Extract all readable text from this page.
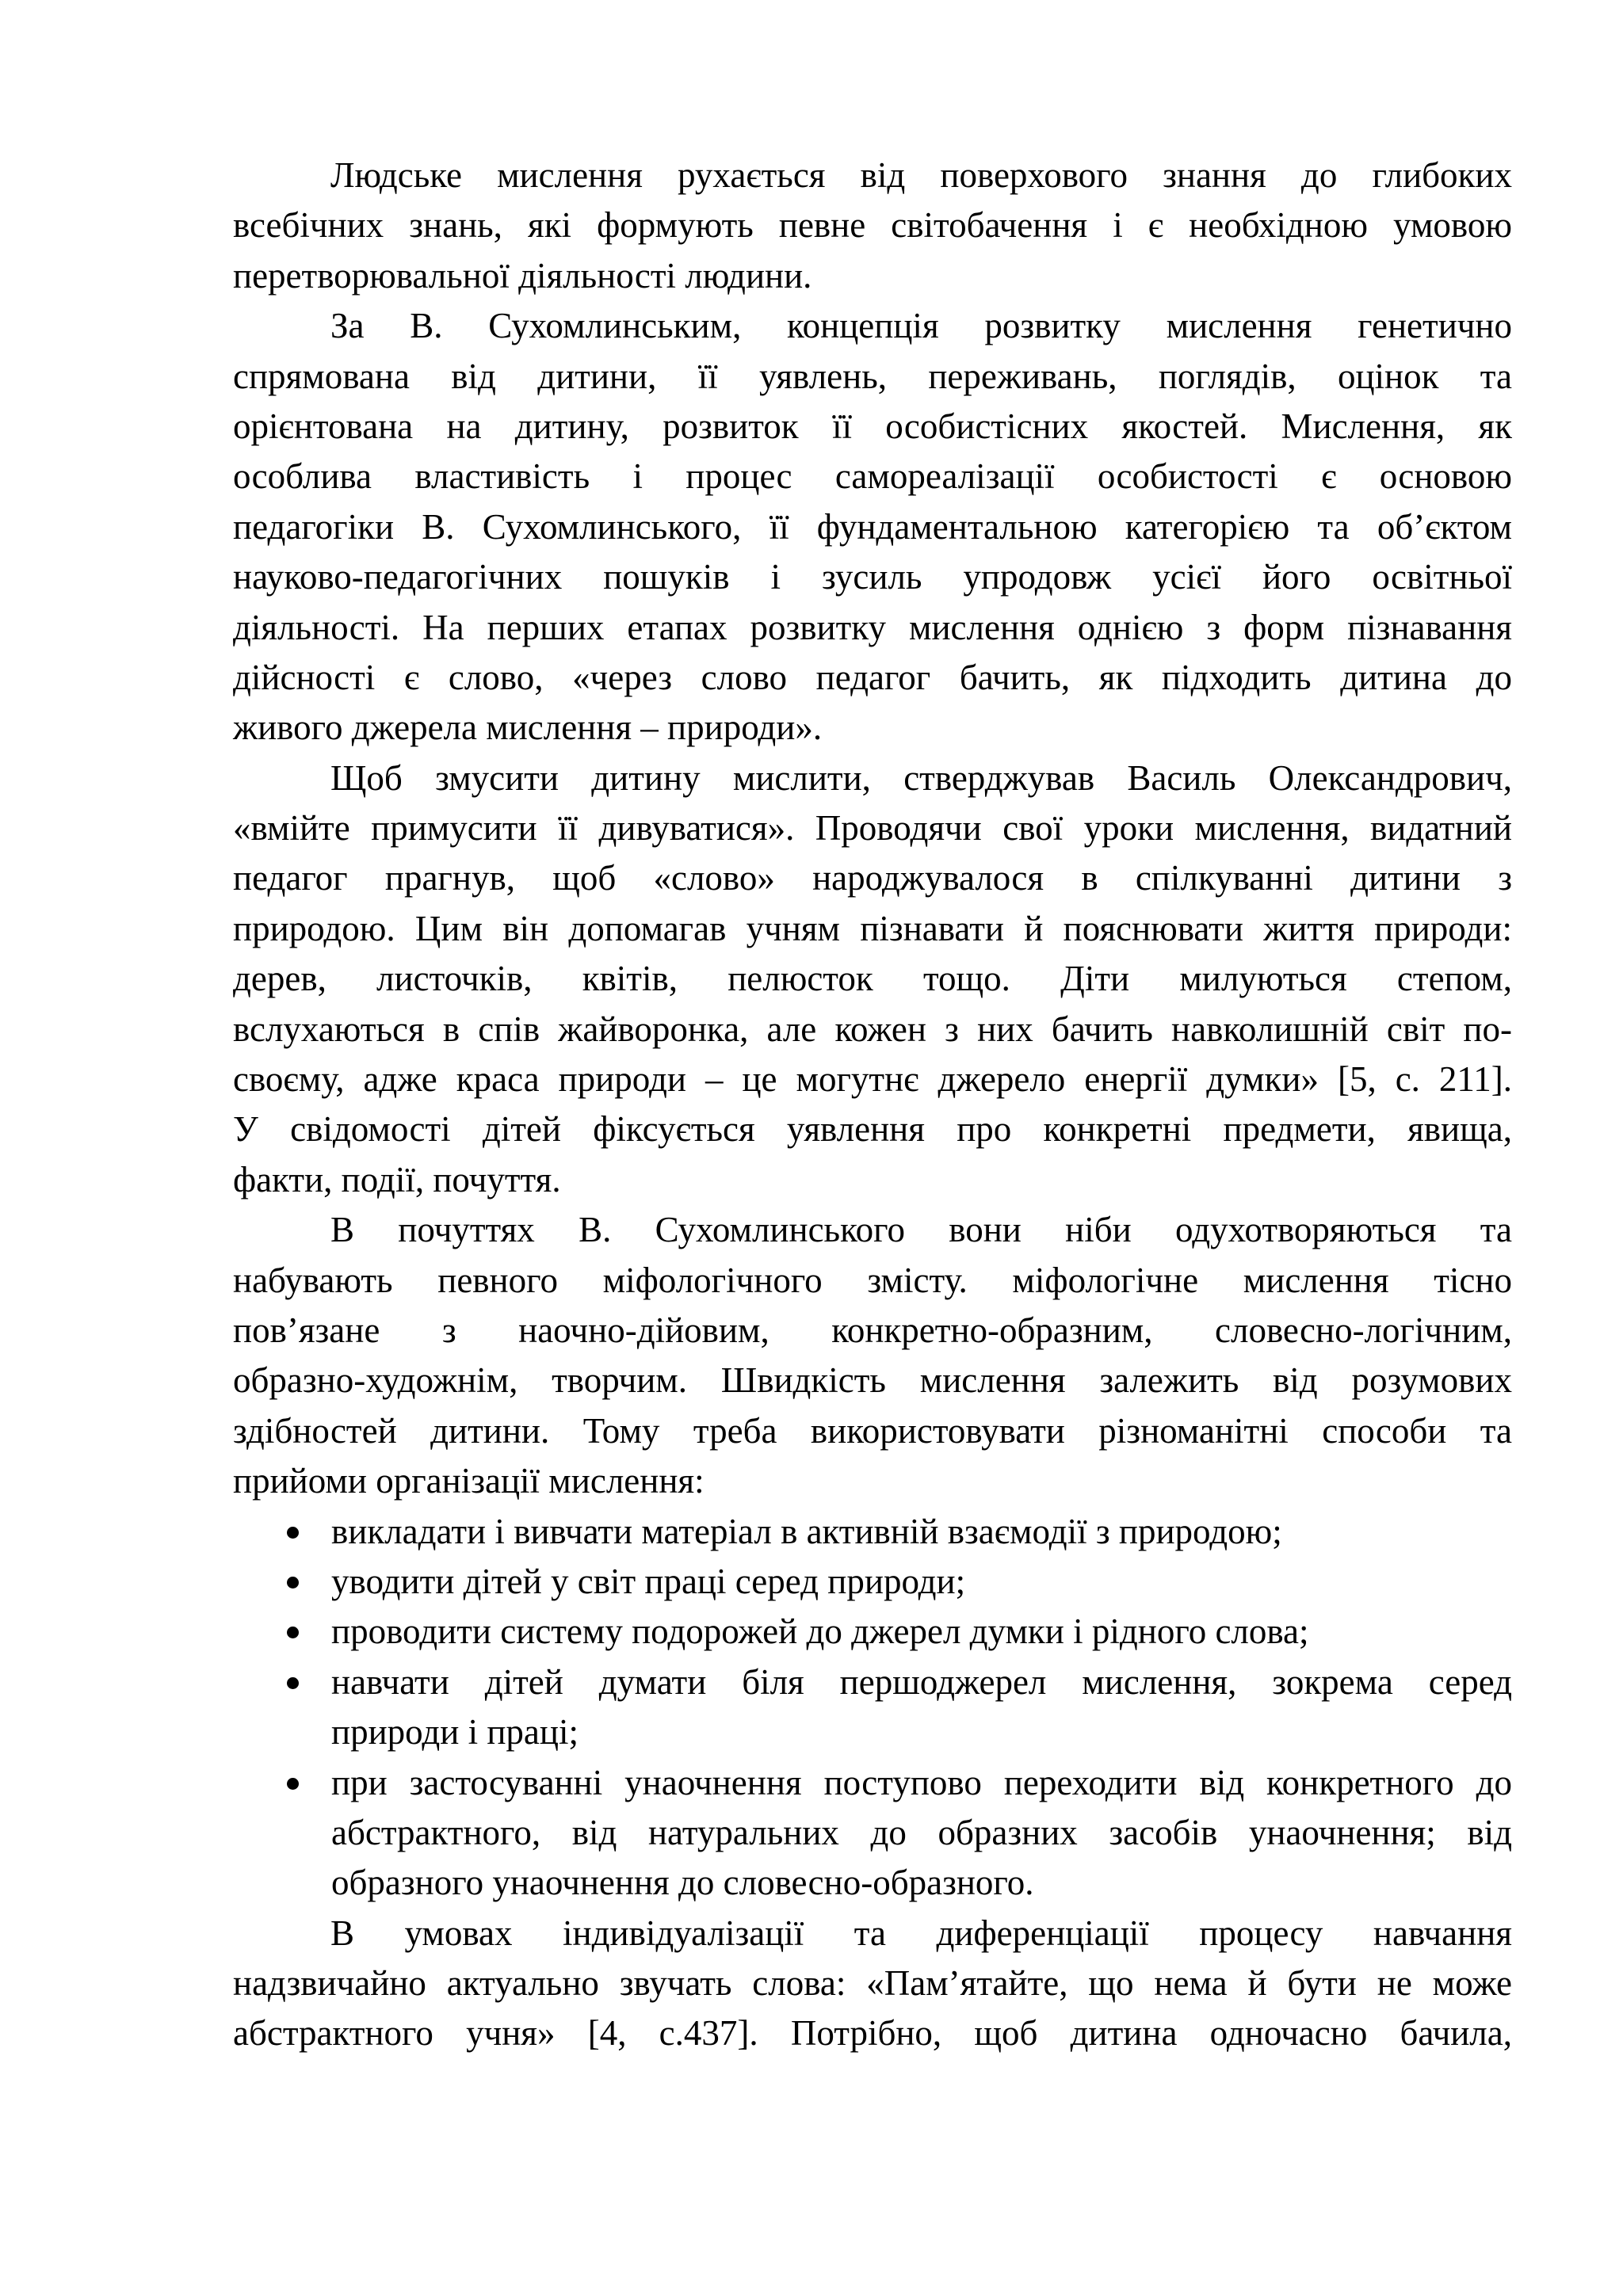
Людське мислення рухається від поверхового знання до глибоких
всебічних знань, які формують певне світобачення і є необхідною умовою
перетворювальної діяльності людини.
За В. Сухомлинським, концепція розвитку мислення генетично
спрямована від дитини, її уявлень, переживань, поглядів, оцінок та
орієнтована на дитину, розвиток її особистісних якостей. Мислення, як
особлива властивість і процес самореалізації особистості є основою
педагогіки В. Сухомлинського, її фундаментальною категорією та об’єктом
науково-педагогічних пошуків і зусиль упродовж усієї його освітньої
діяльності. На перших етапах розвитку мислення однією з форм пізнавання
дійсності є слово, «через слово педагог бачить, як підходить дитина до
живого джерела мислення – природи».
Щоб змусити дитину мислити, стверджував Василь Олександрович,
«вмійте примусити її дивуватися». Проводячи свої уроки мислення, видатний
педагог прагнув, щоб «слово» народжувалося в спілкуванні дитини з
природою. Цим він допомагав учням пізнавати й пояснювати життя природи:
дерев, листочків, квітів, пелюсток тощо. Діти милуються степом,
вслухаються в спів жайворонка, але кожен з них бачить навколишній світ по-
своєму, адже краса природи – це могутнє джерело енергії думки» [5, с. 211].
У свідомості дітей фіксується уявлення про конкретні предмети, явища,
факти, події, почуття.
В почуттях В. Сухомлинського вони ніби одухотворяються та
набувають певного міфологічного змісту. міфологічне мислення тісно
пов’язане з наочно-дійовим, конкретно-образним, словесно-логічним,
образно-художнім, творчим. Швидкість мислення залежить від розумових
здібностей дитини. Тому треба використовувати різноманітні способи та
прийоми організації мислення:
викладати і вивчати матеріал в активній взаємодії з природою;
уводити дітей у світ праці серед природи;
проводити систему подорожей до джерел думки і рідного слова;
навчати дітей думати біля першоджерел мислення, зокрема серед
природи і праці;
при застосуванні унаочнення поступово переходити від конкретного до
абстрактного, від натуральних до образних засобів унаочнення; від
образного унаочнення до словесно-образного.
В умовах індивідуалізації та диференціації процесу навчання
надзвичайно актуально звучать слова: «Пам’ятайте, що нема й бути не може
абстрактного учня» [4, с.437]. Потрібно, щоб дитина одночасно бачила,
